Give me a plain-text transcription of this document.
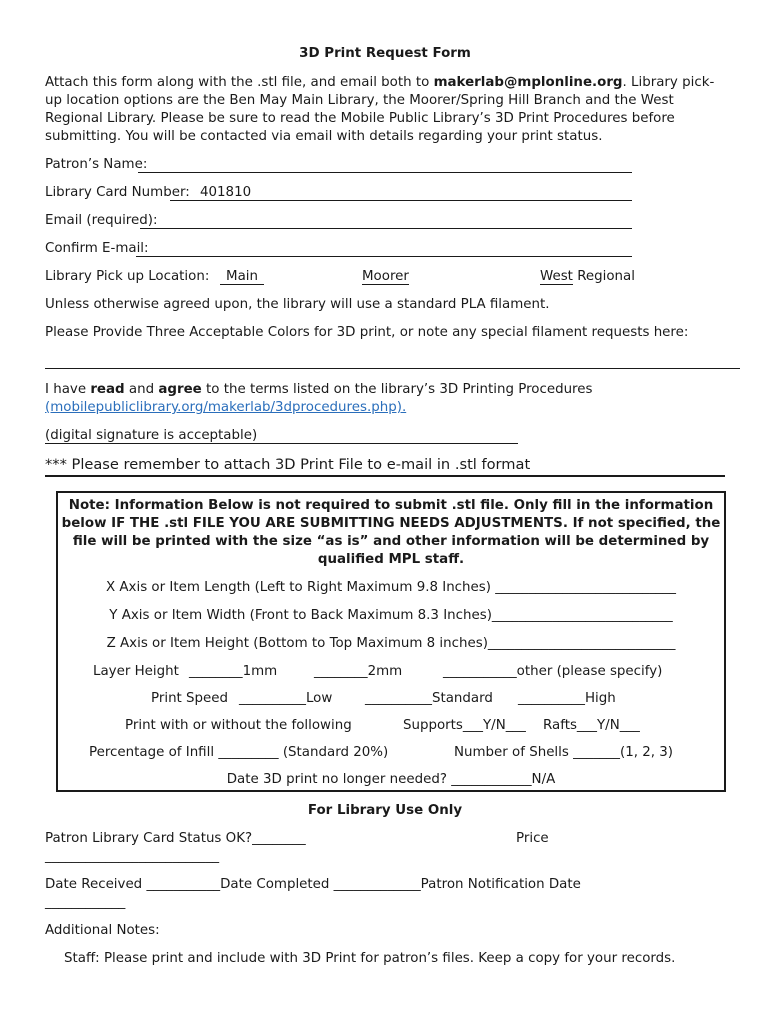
3D Print Request Form
Attach this form along with the .stl file, and email both to makerlab@mplonline.org. Library pick-up location options are the Ben May Main Library, the Moorer/Spring Hill Branch and the West Regional Library. Please be sure to read the Mobile Public Library’s 3D Print Procedures before submitting. You will be contacted via email with details regarding your print status.
Patron’s Name:
Library Card Number: 401810
Email (required):
Confirm E-mail:
Library Pick up Location:	Main	Moorer	West Regional
Unless otherwise agreed upon, the library will use a standard PLA filament.
Please Provide Three Acceptable Colors for 3D print, or note any special filament requests here:
I have read and agree to the terms listed on the library’s 3D Printing Procedures
(mobilepubliclibrary.org/makerlab/3dprocedures.php).
(digital signature is acceptable)
*** Please remember to attach 3D Print File to e-mail in .stl format
Note: Information Below is not required to submit .stl file. Only fill in the information below IF THE .stl FILE YOU ARE SUBMITTING NEEDS ADJUSTMENTS. If not specified, the file will be printed with the size “as is” and other information will be determined by qualified MPL staff.
X Axis or Item Length (Left to Right Maximum 9.8 Inches) ___________________________
Y Axis or Item Width (Front to Back Maximum 8.3 Inches)___________________________
Z Axis or Item Height (Bottom to Top Maximum 8 inches)____________________________
Layer Height ________1mm	________2mm	___________other (please specify)
Print Speed __________Low __________Standard __________High
Print with or without the following	Supports___Y/N___ Rafts___Y/N___
Percentage of Infill _________ (Standard 20%)	Number of Shells _______(1, 2, 3)
Date 3D print no longer needed? ____________N/A
For Library Use Only
Patron Library Card Status OK?________	Price
__________________________
Date Received ___________Date Completed _____________Patron Notification Date
____________
Additional Notes:
Staff: Please print and include with 3D Print for patron’s files. Keep a copy for your records.
